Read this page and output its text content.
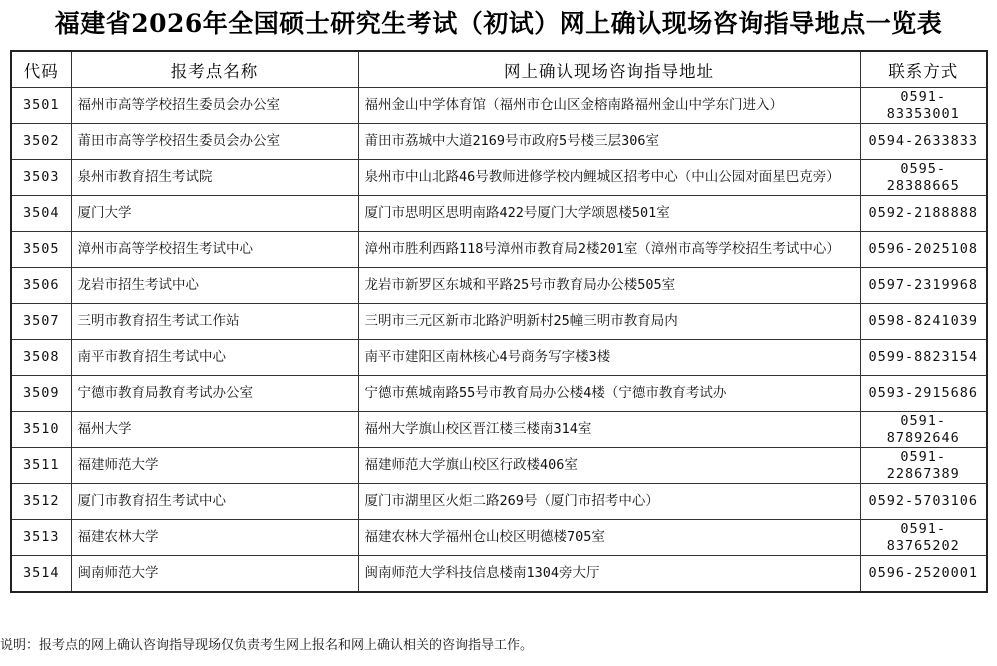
福建省2026年全国硕士研究生考试（初试）网上确认现场咨询指导地点一览表
代码	报考点名称	网上确认现场咨询指导地址	联系方式
3501	福州市高等学校招生委员会办公室	福州金山中学体育馆（福州市仓山区金榕南路福州金山中学东门进入）	0591-83353001
3502	莆田市高等学校招生委员会办公室	莆田市荔城中大道2169号市政府5号楼三层306室	0594-2633833
3503	泉州市教育招生考试院	泉州市中山北路46号教师进修学校内鲤城区招考中心（中山公园对面星巴克旁）	0595-28388665
3504	厦门大学	厦门市思明区思明南路422号厦门大学颂恩楼501室	0592-2188888
3505	漳州市高等学校招生考试中心	漳州市胜利西路118号漳州市教育局2楼201室（漳州市高等学校招生考试中心）	0596-2025108
3506	龙岩市招生考试中心	龙岩市新罗区东城和平路25号市教育局办公楼505室	0597-2319968
3507	三明市教育招生考试工作站	三明市三元区新市北路沪明新村25幢三明市教育局内	0598-8241039
3508	南平市教育招生考试中心	南平市建阳区南林核心4号商务写字楼3楼	0599-8823154
3509	宁德市教育局教育考试办公室	宁德市蕉城南路55号市教育局办公楼4楼（宁德市教育考试办	0593-2915686
3510	福州大学	福州大学旗山校区晋江楼三楼南314室	0591-87892646
3511	福建师范大学	福建师范大学旗山校区行政楼406室	0591-22867389
3512	厦门市教育招生考试中心	厦门市湖里区火炬二路269号（厦门市招考中心）	0592-5703106
3513	福建农林大学	福建农林大学福州仓山校区明德楼705室	0591-83765202
3514	闽南师范大学	闽南师范大学科技信息楼南1304旁大厅	0596-2520001
说明：报考点的网上确认咨询指导现场仅负责考生网上报名和网上确认相关的咨询指导工作。
